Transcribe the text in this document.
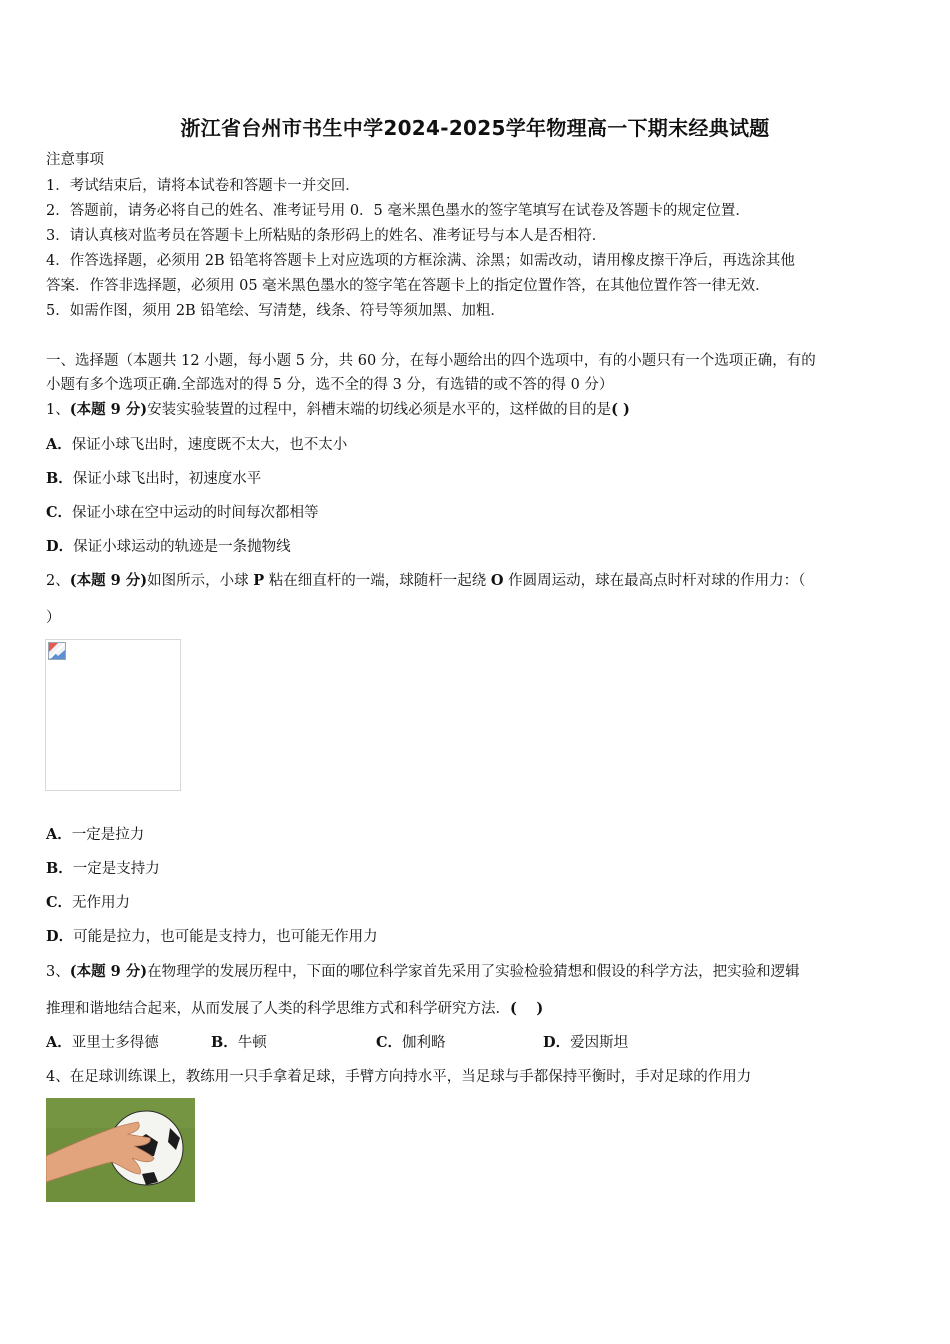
浙江省台州市书生中学2024-2025学年物理高一下期末经典试题
注意事项
1．考试结束后，请将本试卷和答题卡一并交回．
2．答题前，请务必将自己的姓名、准考证号用 0．5 毫米黑色墨水的签字笔填写在试卷及答题卡的规定位置．
3．请认真核对监考员在答题卡上所粘贴的条形码上的姓名、准考证号与本人是否相符．
4．作答选择题，必须用 2B 铅笔将答题卡上对应选项的方框涂满、涂黑；如需改动，请用橡皮擦干净后，再选涂其他
答案．作答非选择题，必须用 05 毫米黑色墨水的签字笔在答题卡上的指定位置作答，在其他位置作答一律无效．
5．如需作图，须用 2B 铅笔绘、写清楚，线条、符号等须加黑、加粗．
一、选择题（本题共 12 小题，每小题 5 分，共 60 分，在每小题给出的四个选项中，有的小题只有一个选项正确，有的
小题有多个选项正确.全部选对的得 5 分，选不全的得 3 分，有选错的或不答的得 0 分）
1、(本题 9 分)安装实验装置的过程中，斜槽末端的切线必须是水平的，这样做的目的是( )
A．保证小球飞出时，速度既不太大，也不太小
B．保证小球飞出时，初速度水平
C．保证小球在空中运动的时间每次都相等
D．保证小球运动的轨迹是一条抛物线
2、(本题 9 分)如图所示，小球 P 粘在细直杆的一端，球随杆一起绕 O 作圆周运动，球在最高点时杆对球的作用力：（
）
A．一定是拉力
B．一定是支持力
C．无作用力
D．可能是拉力，也可能是支持力，也可能无作用力
3、(本题 9 分)在物理学的发展历程中，下面的哪位科学家首先采用了实验检验猜想和假设的科学方法，把实验和逻辑
推理和谐地结合起来，从而发展了人类的科学思维方式和科学研究方法．(　 )
A．亚里士多得德	B．牛顿	C．伽利略	D．爱因斯坦
4、在足球训练课上，教练用一只手拿着足球，手臂方向持水平，当足球与手都保持平衡时，手对足球的作用力
